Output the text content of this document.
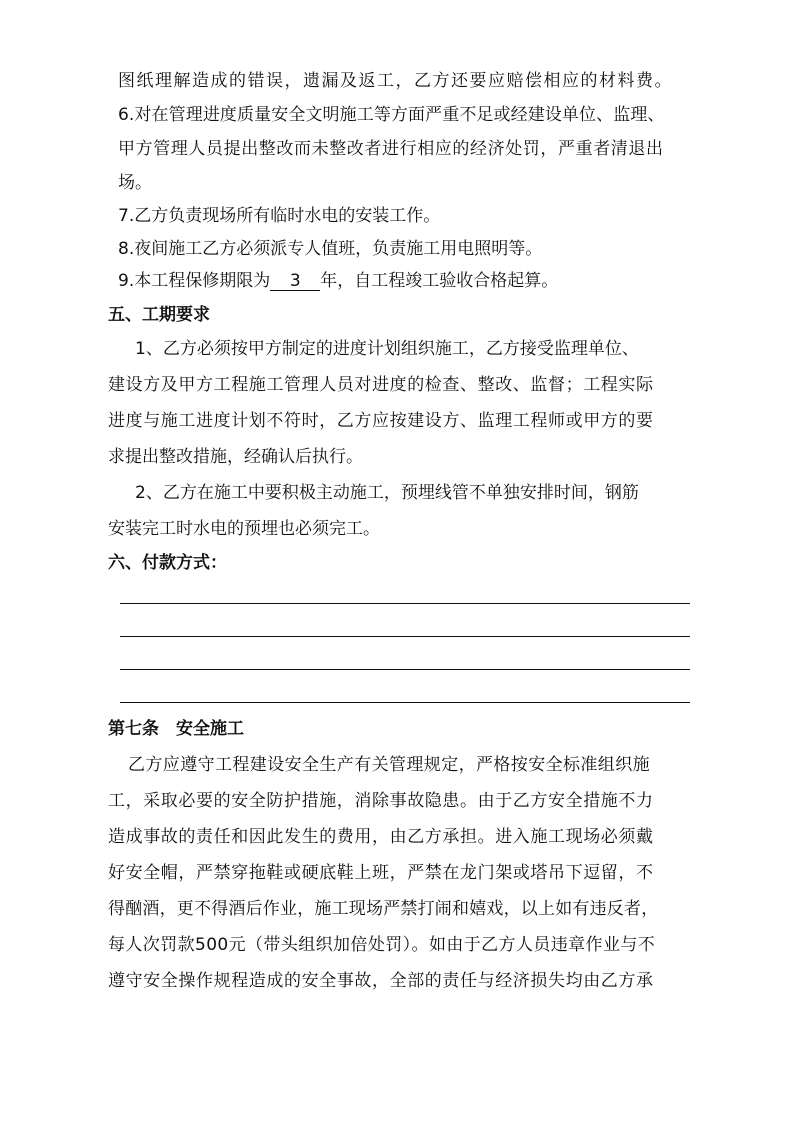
图纸理解造成的错误，遗漏及返工，乙方还要应赔偿相应的材料费。
6.对在管理进度质量安全文明施工等方面严重不足或经建设单位、监理、
甲方管理人员提出整改而未整改者进行相应的经济处罚，严重者清退出
场。
7.乙方负责现场所有临时水电的安装工作。
8.夜间施工乙方必须派专人值班，负责施工用电照明等。
9.本工程保修期限为 3 年，自工程竣工验收合格起算。
五、工期要求
1、乙方必须按甲方制定的进度计划组织施工，乙方接受监理单位、
建设方及甲方工程施工管理人员对进度的检查、整改、监督；工程实际
进度与施工进度计划不符时，乙方应按建设方、监理工程师或甲方的要
求提出整改措施，经确认后执行。
2、乙方在施工中要积极主动施工，预埋线管不单独安排时间，钢筋
安装完工时水电的预埋也必须完工。
六、付款方式：
第七条　安全施工
乙方应遵守工程建设安全生产有关管理规定，严格按安全标准组织施
工，采取必要的安全防护措施，消除事故隐患。由于乙方安全措施不力
造成事故的责任和因此发生的费用，由乙方承担。进入施工现场必须戴
好安全帽，严禁穿拖鞋或硬底鞋上班，严禁在龙门架或塔吊下逗留，不
得酗酒，更不得酒后作业，施工现场严禁打闹和嬉戏，以上如有违反者，
每人次罚款500元（带头组织加倍处罚）。如由于乙方人员违章作业与不
遵守安全操作规程造成的安全事故，全部的责任与经济损失均由乙方承
